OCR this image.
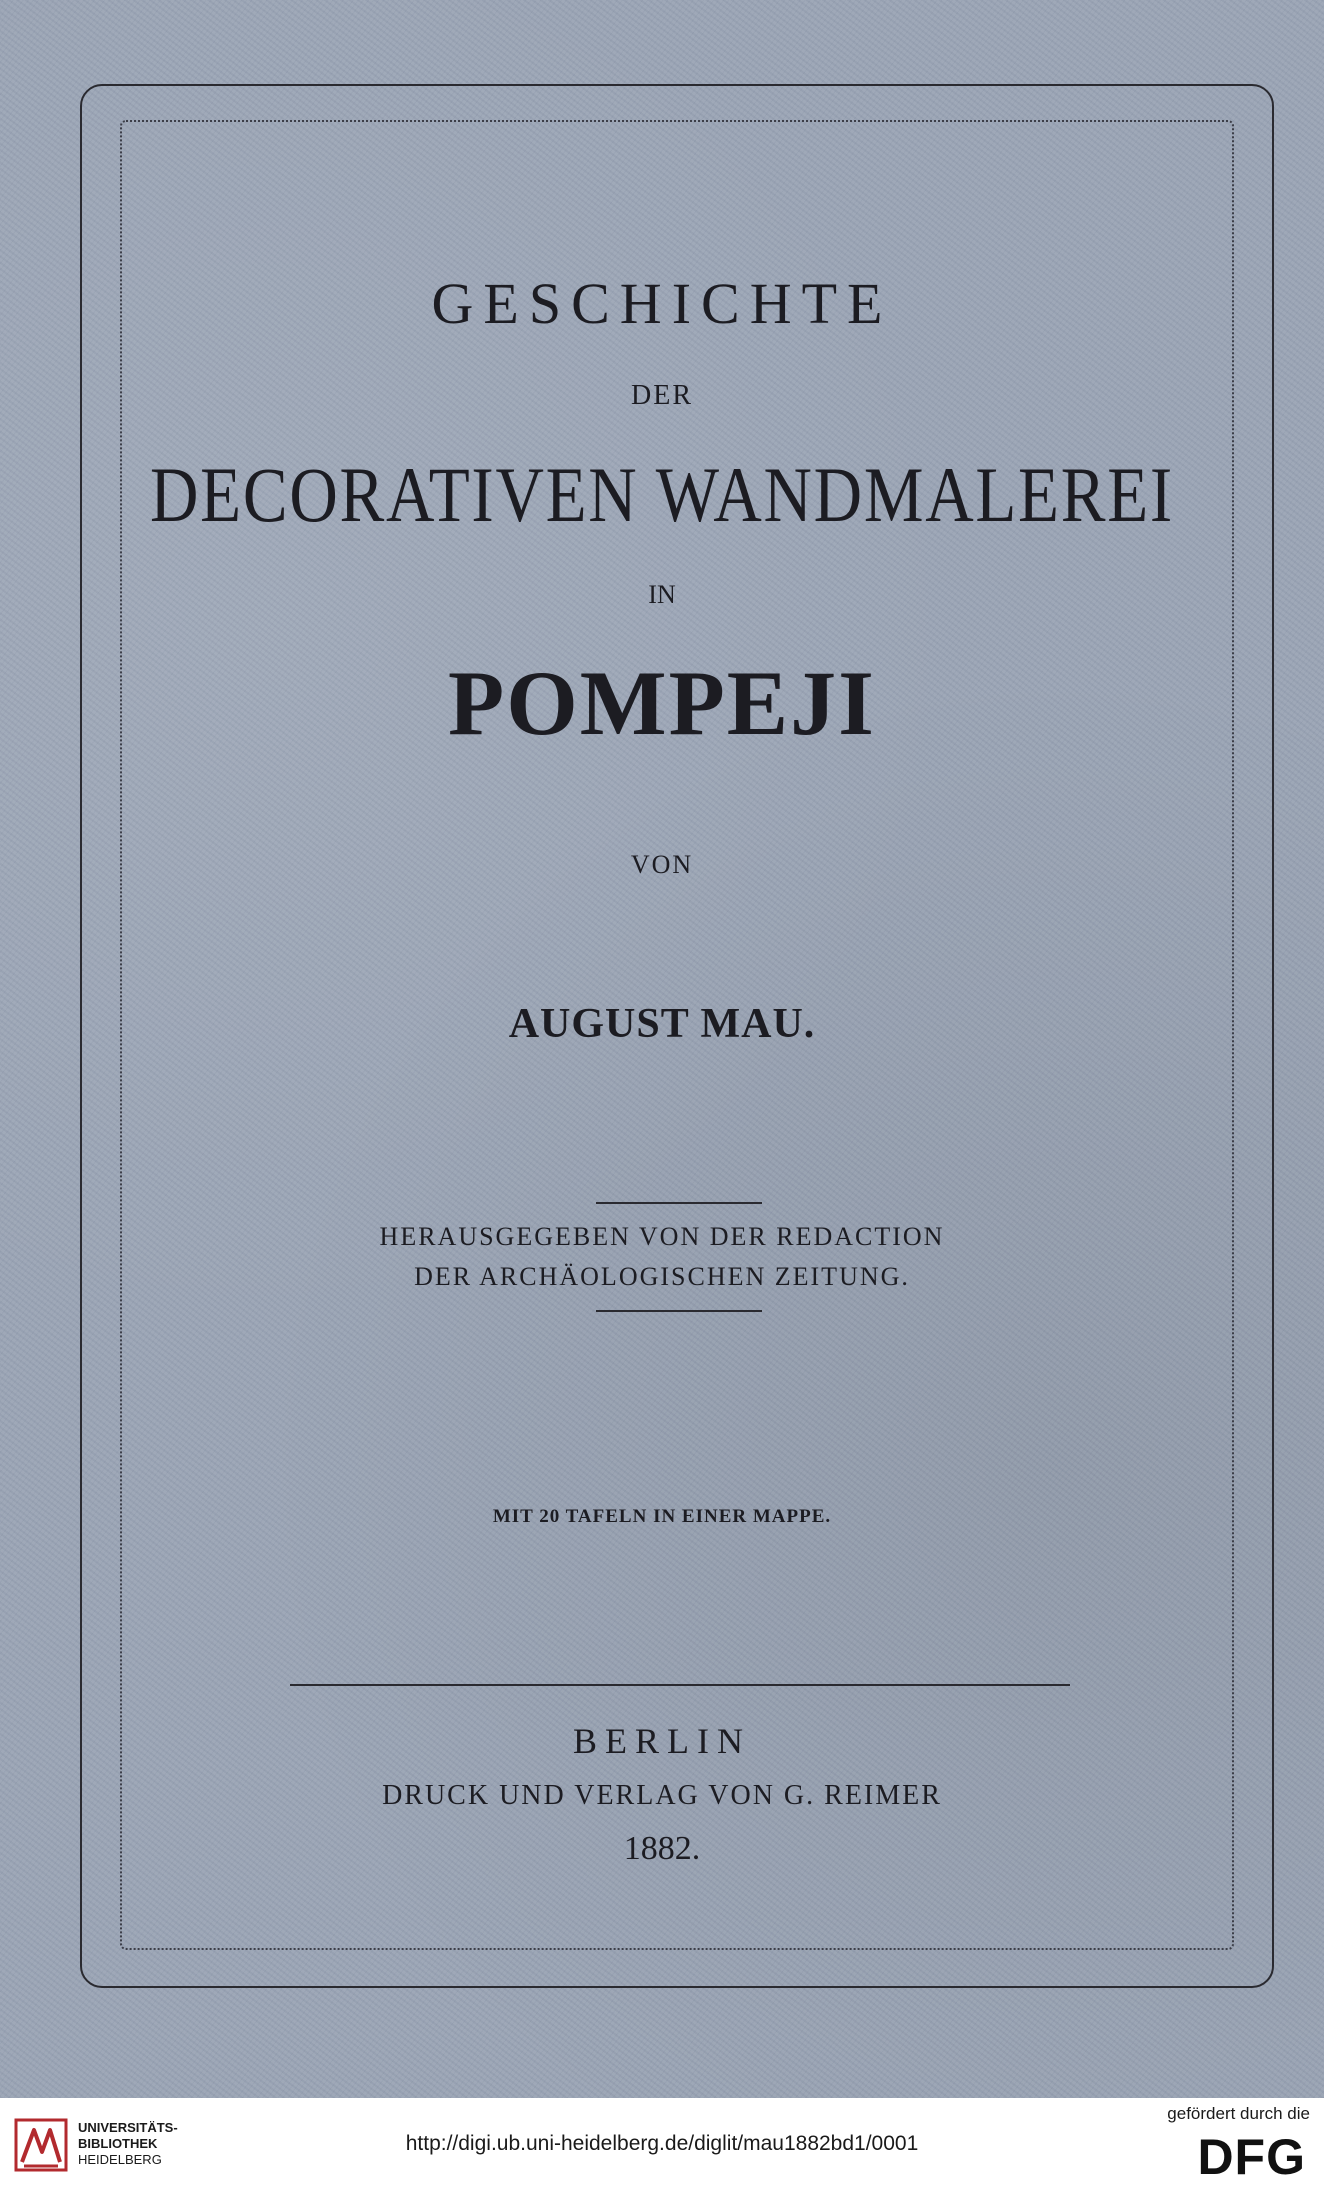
GESCHICHTE
DER
DECORATIVEN WANDMALEREI
IN
POMPEJI
VON
AUGUST MAU.
HERAUSGEGEBEN VON DER REDACTION
DER ARCHÄOLOGISCHEN ZEITUNG.
MIT 20 TAFELN IN EINER MAPPE.
BERLIN
DRUCK UND VERLAG VON G. REIMER
1882.
UNIVERSITÄTS-
BIBLIOTHEK
HEIDELBERG
http://digi.ub.uni-heidelberg.de/diglit/mau1882bd1/0001
gefördert durch die
DFG
